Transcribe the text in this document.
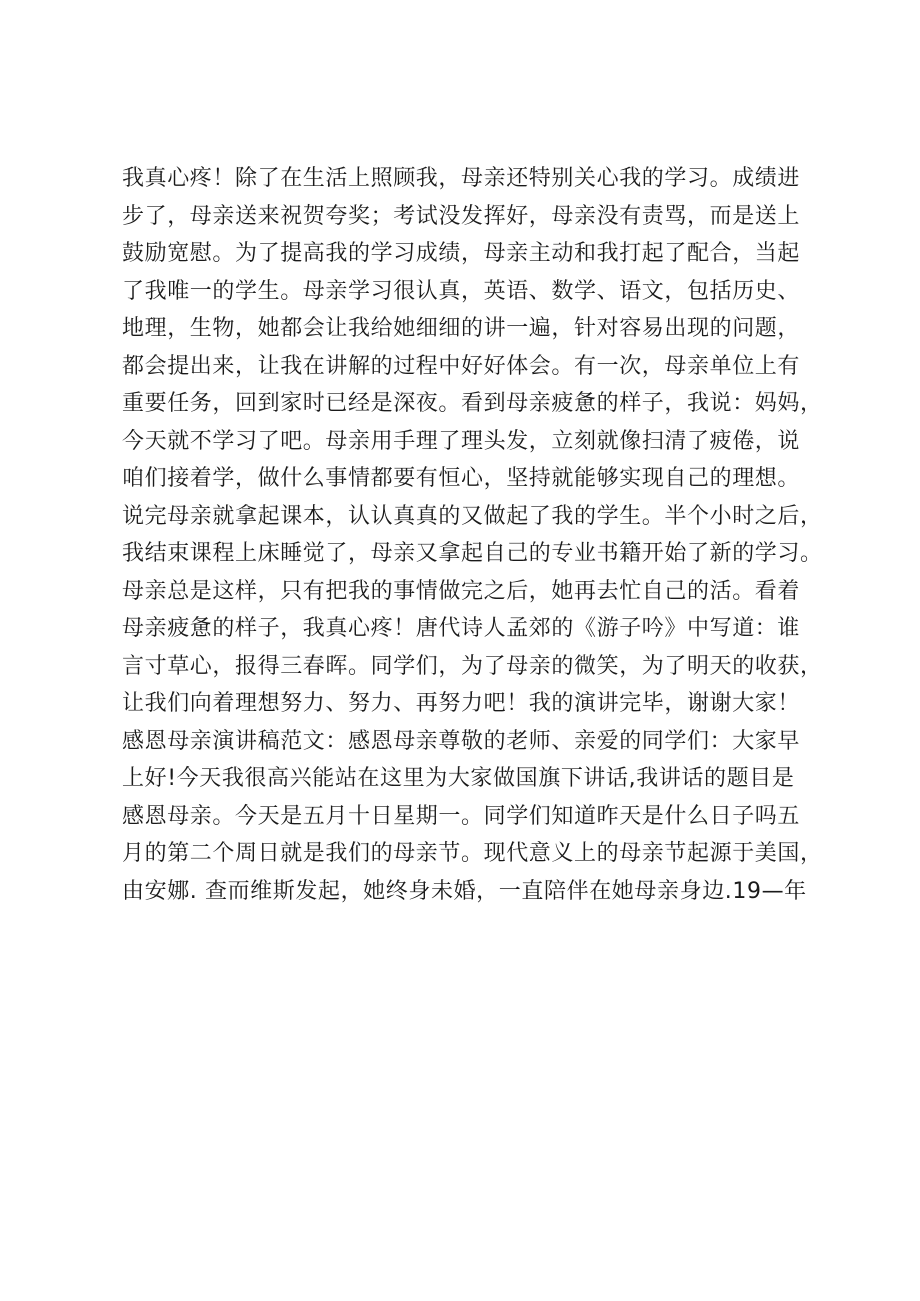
我真心疼！除了在生活上照顾我，母亲还特别关心我的学习。成绩进
步了，母亲送来祝贺夸奖；考试没发挥好，母亲没有责骂，而是送上
鼓励宽慰。为了提高我的学习成绩，母亲主动和我打起了配合，当起
了我唯一的学生。母亲学习很认真，英语、数学、语文，包括历史、
地理，生物，她都会让我给她细细的讲一遍，针对容易出现的问题，
都会提出来，让我在讲解的过程中好好体会。有一次，母亲单位上有
重要任务，回到家时已经是深夜。看到母亲疲惫的样子，我说：妈妈，
今天就不学习了吧。母亲用手理了理头发，立刻就像扫清了疲倦，说
咱们接着学，做什么事情都要有恒心，坚持就能够实现自己的理想。
说完母亲就拿起课本，认认真真的又做起了我的学生。半个小时之后，
我结束课程上床睡觉了，母亲又拿起自己的专业书籍开始了新的学习。
母亲总是这样，只有把我的事情做完之后，她再去忙自己的活。看着
母亲疲惫的样子，我真心疼！唐代诗人孟郊的《游子吟》中写道：谁
言寸草心，报得三春晖。同学们，为了母亲的微笑，为了明天的收获，
让我们向着理想努力、努力、再努力吧！我的演讲完毕，谢谢大家！
感恩母亲演讲稿范文：感恩母亲尊敬的老师、亲爱的同学们：大家早
上好!今天我很高兴能站在这里为大家做国旗下讲话,我讲话的题目是
感恩母亲。今天是五月十日星期一。同学们知道昨天是什么日子吗五
月的第二个周日就是我们的母亲节。现代意义上的母亲节起源于美国，
由安娜. 查而维斯发起，她终身未婚，一直陪伴在她母亲身边.19—年
